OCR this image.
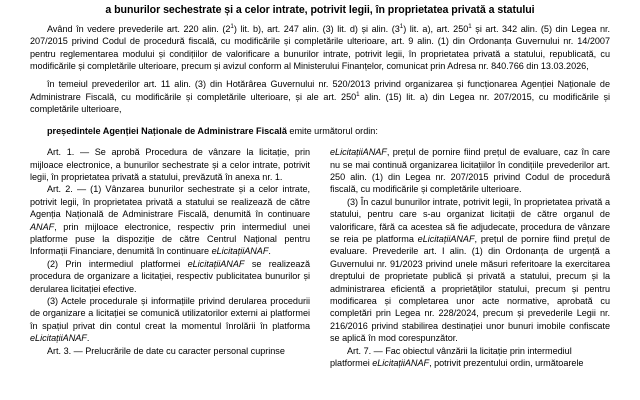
a bunurilor sechestrate și a celor intrate, potrivit legii, în proprietatea privată a statului

Având în vedere prevederile art. 220 alin. $(2^1)$ lit. b), art. 247 alin. (3) lit. d) și alin. $(3^1)$ lit. a), art. $250^1$ și art. 342 alin. (5) din Legea nr. 207/2015 privind Codul de procedură fiscală, cu modificările și completările ulterioare, art. 9 alin. (1) din Ordonanța Guvernului nr. 14/2007 pentru reglementarea modului și condițiilor de valorificare a bunurilor intrate, potrivit legii, în proprietatea privată a statului, republicată, cu modificările și completările ulterioare, precum și avizul conform al Ministerului Finanțelor, comunicat prin Adresa nr. 840.766 din 13.03.2026,

în temeiul prevederilor art. 11 alin. (3) din Hotărârea Guvernului nr. 520/2013 privind organizarea și funcționarea Agenției Naționale de Administrare Fiscală, cu modificările și completările ulterioare, și ale art. $250^1$ alin. (15) lit. a) din Legea nr. 207/2015, cu modificările și completările ulterioare,

președintele Agenției Naționale de Administrare Fiscală emite următorul ordin:

Art. 1. — Se aprobă Procedura de vânzare la licitație, prin mijloace electronice, a bunurilor sechestrate și a celor intrate, potrivit legii, în proprietatea privată a statului, prevăzută în anexa nr. 1.

Art. 2. — (1) Vânzarea bunurilor sechestrate și a celor intrate, potrivit legii, în proprietatea privată a statului se realizează de către Agenția Națională de Administrare Fiscală, denumită în continuare ANAF, prin mijloace electronice, respectiv prin intermediul unei platforme puse la dispoziție de către Centrul Național pentru Informații Financiare, denumită în continuare eLicitațiiANAF.

(2) Prin intermediul platformei eLicitațiiANAF se realizează procedura de organizare a licitației, respectiv publicitatea bunurilor și derularea licitației efective.

(3) Actele procedurale și informațiile privind derularea procedurii de organizare a licitației se comunică utilizatorilor externi ai platformei în spațiul privat din contul creat la momentul înrolării în platforma eLicitațiiANAF.

Art. 3. — Prelucrările de date cu caracter personal cuprinse

eLicitațiiANAF, prețul de pornire fiind prețul de evaluare, caz în care nu se mai continuă organizarea licitațiilor în condițiile prevederilor art. 250 alin. (1) din Legea nr. 207/2015 privind Codul de procedură fiscală, cu modificările și completările ulterioare.

(3) În cazul bunurilor intrate, potrivit legii, în proprietatea privată a statului, pentru care s-au organizat licitații de către organul de valorificare, fără ca acestea să fie adjudecate, procedura de vânzare se reia pe platforma eLicitațiiANAF, prețul de pornire fiind prețul de evaluare. Prevederile art. I alin. (1) din Ordonanța de urgență a Guvernului nr. 91/2023 privind unele măsuri referitoare la exercitarea dreptului de proprietate publică și privată a statului, precum și la administrarea eficientă a proprietăților statului, precum și pentru modificarea și completarea unor acte normative, aprobată cu completări prin Legea nr. 228/2024, precum și prevederile Legii nr. 216/2016 privind stabilirea destinației unor bunuri imobile confiscate se aplică în mod corespunzător.

Art. 7. — Fac obiectul vânzării la licitație prin intermediul platformei eLicitațiiANAF, potrivit prezentului ordin, următoarele
